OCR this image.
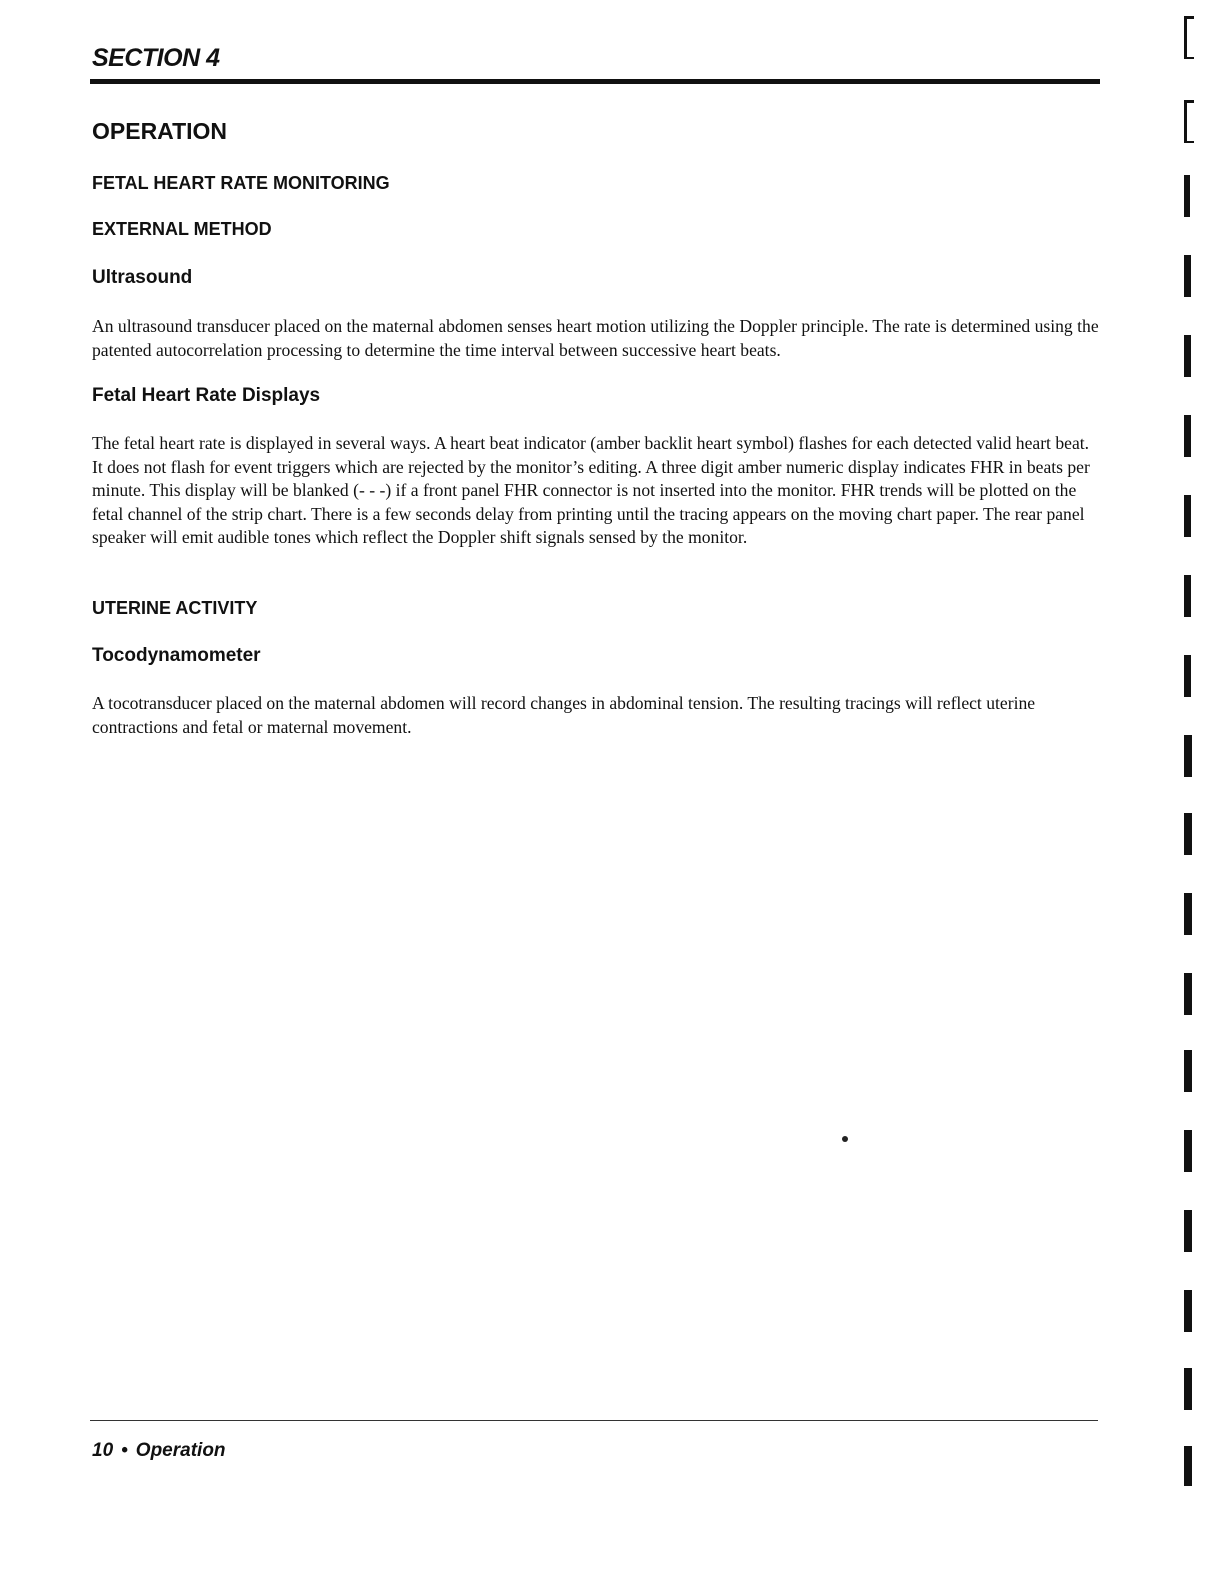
SECTION 4
OPERATION
FETAL HEART RATE MONITORING
EXTERNAL METHOD
Ultrasound

An ultrasound transducer placed on the maternal abdomen senses heart motion utilizing the Doppler principle. The rate is determined using the patented autocorrelation processing to determine the time interval between successive heart beats.

Fetal Heart Rate Displays

The fetal heart rate is displayed in several ways. A heart beat indicator (amber backlit heart symbol) flashes for each detected valid heart beat. It does not flash for event triggers which are rejected by the monitor’s editing. A three digit amber numeric display indicates FHR in beats per minute. This display will be blanked (- - -) if a front panel FHR connector is not inserted into the monitor. FHR trends will be plotted on the fetal channel of the strip chart. There is a few seconds delay from printing until the tracing appears on the moving chart paper. The rear panel speaker will emit audible tones which reflect the Doppler shift signals sensed by the monitor.

UTERINE ACTIVITY
Tocodynamometer

A tocotransducer placed on the maternal abdomen will record changes in abdominal tension. The resulting tracings will reflect uterine contractions and fetal or maternal movement.

10 • Operation
